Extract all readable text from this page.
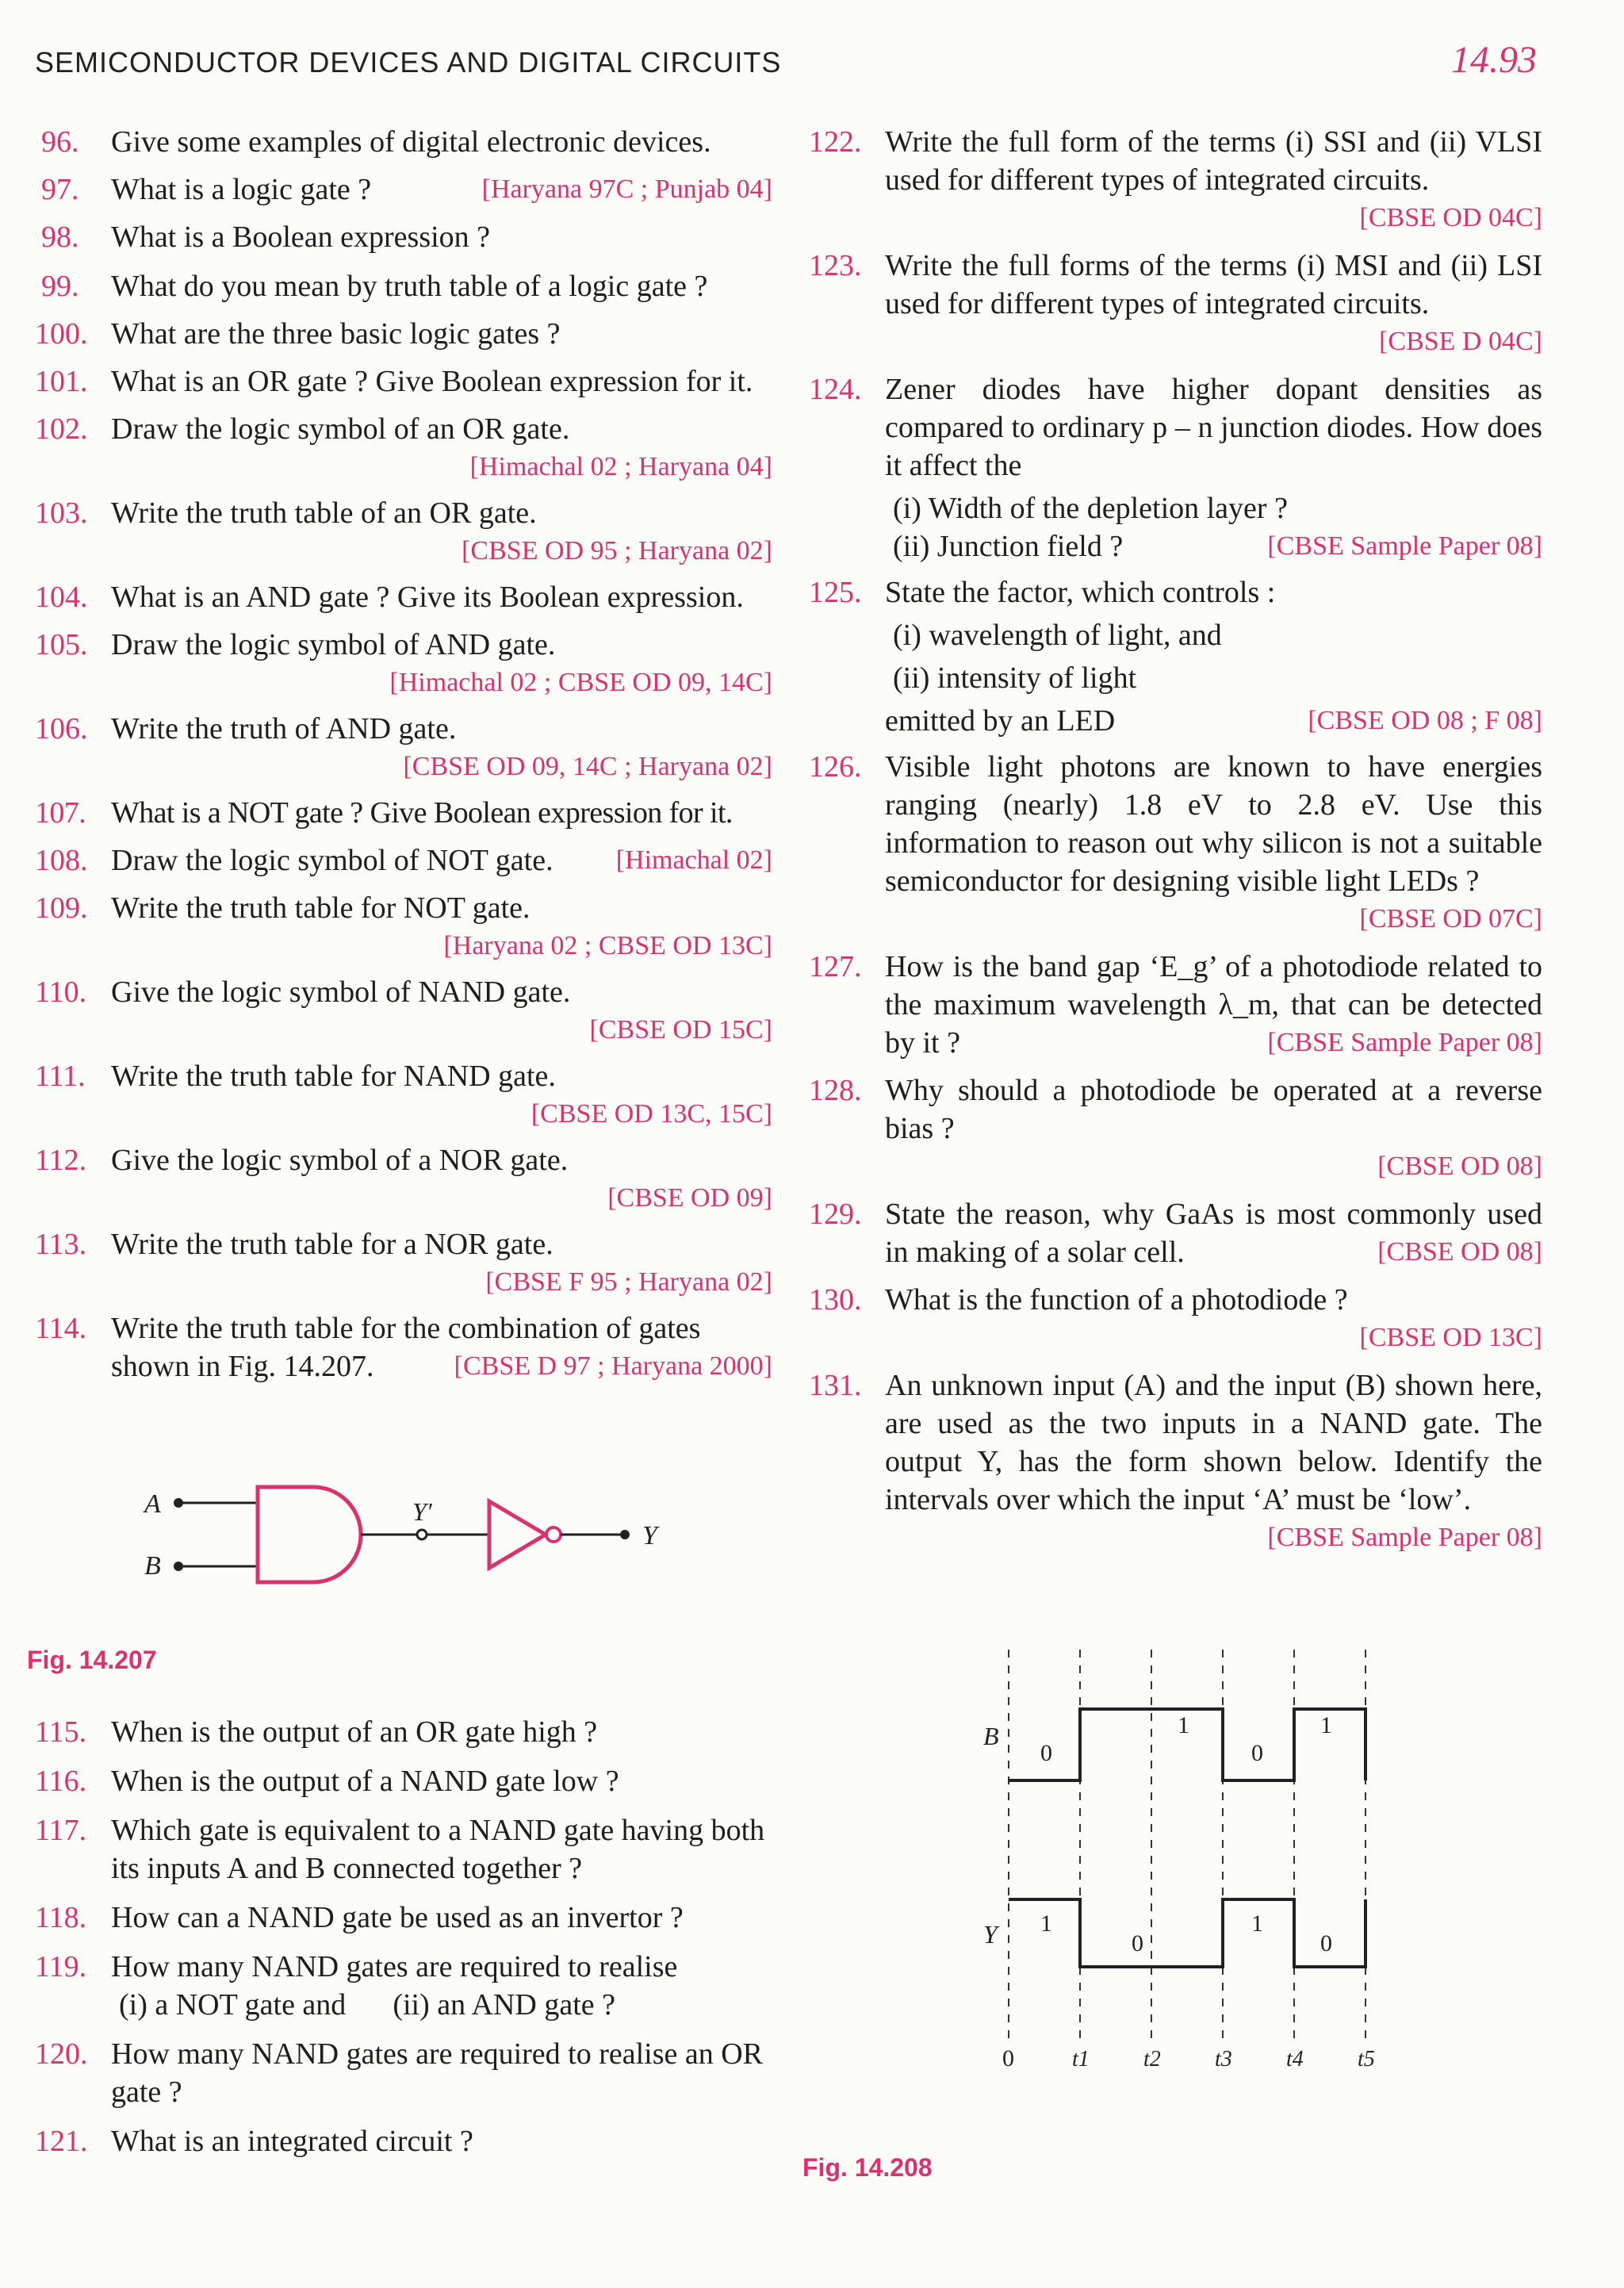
SEMICONDUCTOR DEVICES AND DIGITAL CIRCUITS	14.93
96. Give some examples of digital electronic devices.
97. What is a logic gate ?	[Haryana 97C ; Punjab 04]
98. What is a Boolean expression ?
99. What do you mean by truth table of a logic gate ?
100. What are the three basic logic gates ?
101. What is an OR gate ? Give Boolean expression for it.
102. Draw the logic symbol of an OR gate.
[Himachal 02 ; Haryana 04]
103. Write the truth table of an OR gate.
[CBSE OD 95 ; Haryana 02]
104. What is an AND gate ? Give its Boolean expression.
105. Draw the logic symbol of AND gate.
[Himachal 02 ; CBSE OD 09, 14C]
106. Write the truth of AND gate.
[CBSE OD 09, 14C ; Haryana 02]
107. What is a NOT gate ? Give Boolean expression for it.
108. Draw the logic symbol of NOT gate. [Himachal 02]
109. Write the truth table for NOT gate.
[Haryana 02 ; CBSE OD 13C]
110. Give the logic symbol of NAND gate.
[CBSE OD 15C]
111. Write the truth table for NAND gate.
[CBSE OD 13C, 15C]
112. Give the logic symbol of a NOR gate.
[CBSE OD 09]
113. Write the truth table for a NOR gate.
[CBSE F 95 ; Haryana 02]
114. Write the truth table for the combination of gates shown in Fig. 14.207.	[CBSE D 97 ; Haryana 2000]
A
B
Y′
Y
Fig. 14.207
115. When is the output of an OR gate high ?
116. When is the output of a NAND gate low ?
117. Which gate is equivalent to a NAND gate having both its inputs A and B connected together ?
118. How can a NAND gate be used as an invertor ?
119. How many NAND gates are required to realise
(i) a NOT gate and (ii) an AND gate ?
120. How many NAND gates are required to realise an OR gate ?
121. What is an integrated circuit ?
122. Write the full form of the terms (i) SSI and (ii) VLSI used for different types of integrated circuits.
[CBSE OD 04C]
123. Write the full forms of the terms (i) MSI and (ii) LSI used for different types of integrated circuits.
[CBSE D 04C]
124. Zener diodes have higher dopant densities as compared to ordinary p – n junction diodes. How does it affect the

(i) Width of the depletion layer ?
(ii) Junction field ?	[CBSE Sample Paper 08]
125. State the factor, which controls :
(i) wavelength of light, and
(ii) intensity of light
emitted by an LED	[CBSE OD 08 ; F 08]
126. Visible light photons are known to have energies ranging (nearly) 1.8 eV to 2.8 eV. Use this information to reason out why silicon is not a suitable semiconductor for designing visible light LEDs ?
[CBSE OD 07C]
127. How is the band gap ‘E_g’ of a photodiode related to the maximum wavelength λ_m, that can be detected by it ?	[CBSE Sample Paper 08]
128. Why should a photodiode be operated at a reverse bias ?
[CBSE OD 08]
129. State the reason, why GaAs is most commonly used in making of a solar cell.	[CBSE OD 08]
130. What is the function of a photodiode ?
[CBSE OD 13C]
131. An unknown input (A) and the input (B) shown here, are used as the two inputs in a NAND gate. The output Y, has the form shown below. Identify the intervals over which the input ‘A’ must be ‘low’.
[CBSE Sample Paper 08]
B
Y
0
1
0
1
1
0
1
0
0	t1 t2 t3 t4 t5
Fig. 14.208
